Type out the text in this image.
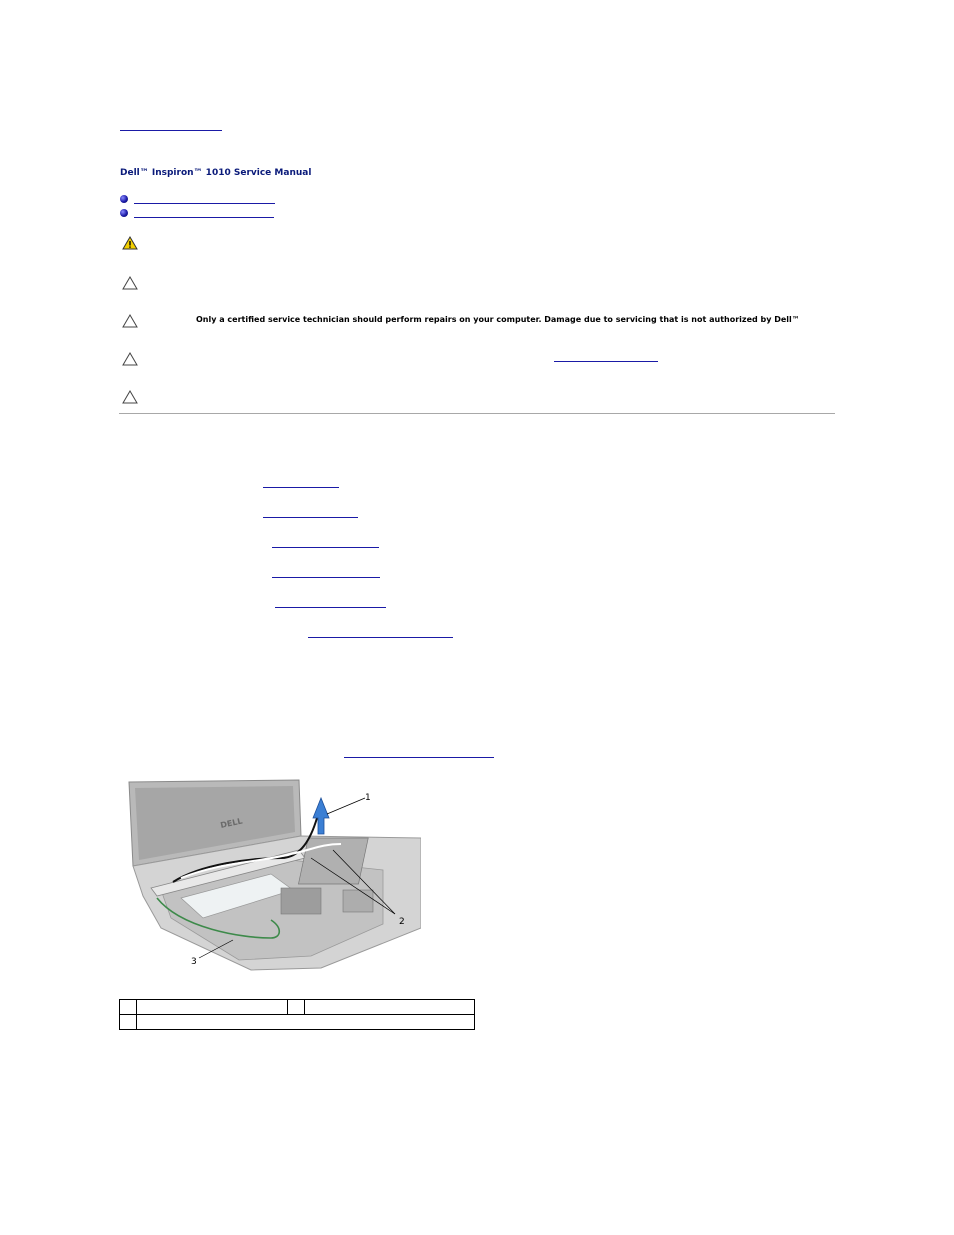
Dell™ Inspiron™ 1010 Service Manual
Only a certified service technician should perform repairs on your computer. Damage due to servicing that is not authorized by Dell™
DELL
1
2
3
